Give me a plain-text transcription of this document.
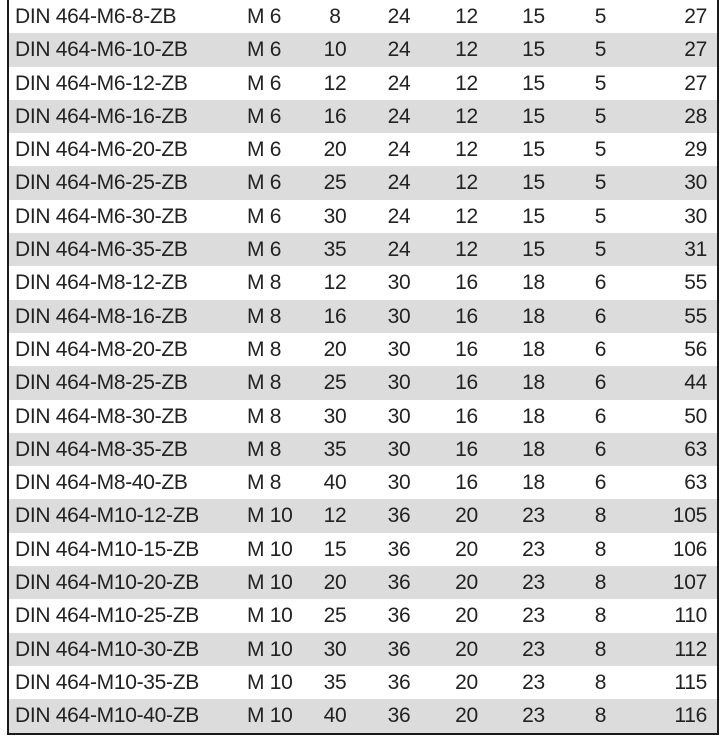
DIN 464-M6-8-ZB	M 6	8	24	12	15	5	27
DIN 464-M6-10-ZB	M 6	10	24	12	15	5	27
DIN 464-M6-12-ZB	M 6	12	24	12	15	5	27
DIN 464-M6-16-ZB	M 6	16	24	12	15	5	28
DIN 464-M6-20-ZB	M 6	20	24	12	15	5	29
DIN 464-M6-25-ZB	M 6	25	24	12	15	5	30
DIN 464-M6-30-ZB	M 6	30	24	12	15	5	30
DIN 464-M6-35-ZB	M 6	35	24	12	15	5	31
DIN 464-M8-12-ZB	M 8	12	30	16	18	6	55
DIN 464-M8-16-ZB	M 8	16	30	16	18	6	55
DIN 464-M8-20-ZB	M 8	20	30	16	18	6	56
DIN 464-M8-25-ZB	M 8	25	30	16	18	6	44
DIN 464-M8-30-ZB	M 8	30	30	16	18	6	50
DIN 464-M8-35-ZB	M 8	35	30	16	18	6	63
DIN 464-M8-40-ZB	M 8	40	30	16	18	6	63
DIN 464-M10-12-ZB	M 10	12	36	20	23	8	105
DIN 464-M10-15-ZB	M 10	15	36	20	23	8	106
DIN 464-M10-20-ZB	M 10	20	36	20	23	8	107
DIN 464-M10-25-ZB	M 10	25	36	20	23	8	110
DIN 464-M10-30-ZB	M 10	30	36	20	23	8	112
DIN 464-M10-35-ZB	M 10	35	36	20	23	8	115
DIN 464-M10-40-ZB	M 10	40	36	20	23	8	116
